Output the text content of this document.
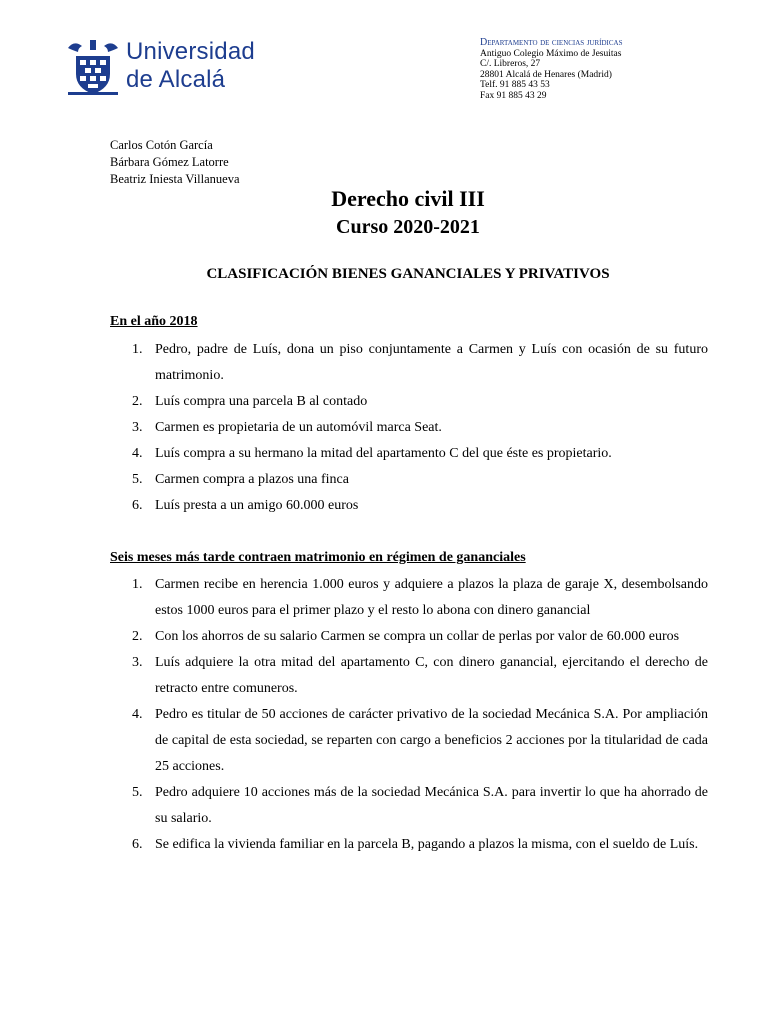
Universidad
de Alcalá
Departamento de ciencias jurídicas
Antiguo Colegio Máximo de Jesuitas
C/. Libreros, 27
28801 Alcalá de Henares (Madrid)
Telf. 91 885 43 53
Fax 91 885 43 29
Carlos Cotón García
Bárbara Gómez Latorre
Beatriz Iniesta Villanueva
Derecho civil III
Curso 2020-2021
CLASIFICACIÓN BIENES GANANCIALES Y PRIVATIVOS
En el año 2018
1. Pedro, padre de Luís, dona un piso conjuntamente a Carmen y Luís con ocasión de su futuro matrimonio.
2. Luís compra una parcela B al contado
3. Carmen es propietaria de un automóvil marca Seat.
4. Luís compra a su hermano la mitad del apartamento C del que éste es propietario.
5. Carmen compra a plazos una finca
6. Luís presta a un amigo 60.000 euros
Seis meses más tarde contraen matrimonio en régimen de gananciales
1. Carmen recibe en herencia 1.000 euros y adquiere a plazos la plaza de garaje X, desembolsando estos 1000 euros para el primer plazo y el resto lo abona con dinero ganancial
2. Con los ahorros de su salario Carmen se compra un collar de perlas por valor de 60.000 euros
3. Luís adquiere la otra mitad del apartamento C, con dinero ganancial, ejercitando el derecho de retracto entre comuneros.
4. Pedro es titular de 50 acciones de carácter privativo de la sociedad Mecánica S.A. Por ampliación de capital de esta sociedad, se reparten con cargo a beneficios 2 acciones por la titularidad de cada 25 acciones.
5. Pedro adquiere 10 acciones más de la sociedad Mecánica S.A. para invertir lo que ha ahorrado de su salario.
6. Se edifica la vivienda familiar en la parcela B, pagando a plazos la misma, con el sueldo de Luís.
